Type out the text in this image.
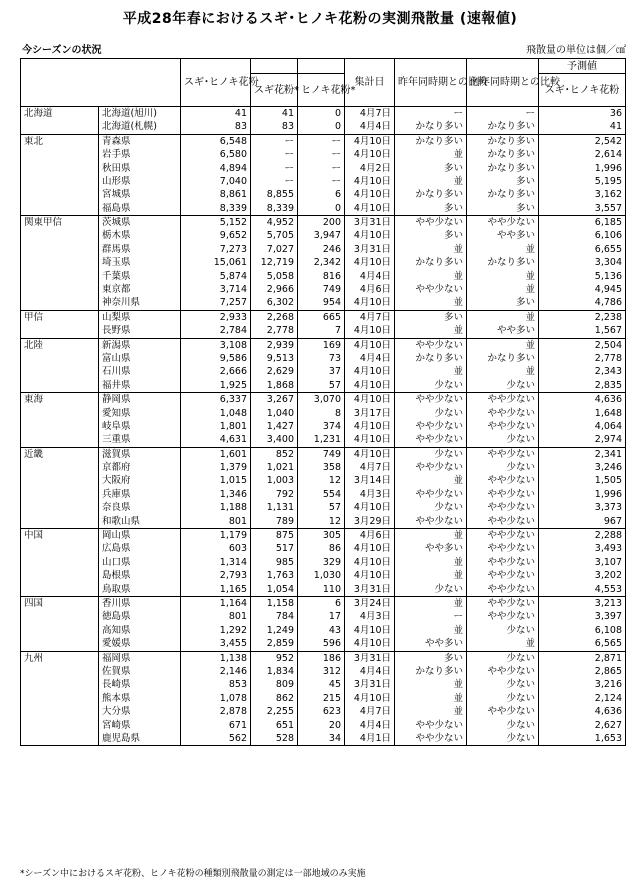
平成28年春におけるスギ･ヒノキ花粉の実測飛散量 (速報値)
今シーズンの状況	飛散量の単位は個／㎠
		スギ･ヒノキ花粉			集計日	昨年同時期との比較	例年同時期との比較	予測値
			スギ花粉*	ヒノキ花粉*				スギ･ヒノキ花粉
北海道	北海道(旭川)	41	41	0	4月7日	ー	ー	36
	北海道(札幌)	83	83	0	4月4日	かなり多い	かなり多い	41
東北	青森県	6,548	ー	ー	4月10日	かなり多い	かなり多い	2,542
	岩手県	6,580	ー	ー	4月10日	並	かなり多い	2,614
	秋田県	4,894	ー	ー	4月2日	多い	かなり多い	1,996
	山形県	7,040	ー	ー	4月10日	並	多い	5,195
	宮城県	8,861	8,855	6	4月10日	かなり多い	かなり多い	3,162
	福島県	8,339	8,339	0	4月10日	多い	多い	3,557
関東甲信	茨城県	5,152	4,952	200	3月31日	やや少ない	やや少ない	6,185
	栃木県	9,652	5,705	3,947	4月10日	多い	やや多い	6,106
	群馬県	7,273	7,027	246	3月31日	並	並	6,655
	埼玉県	15,061	12,719	2,342	4月10日	かなり多い	かなり多い	3,304
	千葉県	5,874	5,058	816	4月4日	並	並	5,136
	東京都	3,714	2,966	749	4月6日	やや少ない	並	4,945
	神奈川県	7,257	6,302	954	4月10日	並	多い	4,786
甲信	山梨県	2,933	2,268	665	4月7日	多い	並	2,238
	長野県	2,784	2,778	7	4月10日	並	やや多い	1,567
北陸	新潟県	3,108	2,939	169	4月10日	やや少ない	並	2,504
	富山県	9,586	9,513	73	4月4日	かなり多い	かなり多い	2,778
	石川県	2,666	2,629	37	4月10日	並	並	2,343
	福井県	1,925	1,868	57	4月10日	少ない	少ない	2,835
東海	静岡県	6,337	3,267	3,070	4月10日	やや少ない	やや少ない	4,636
	愛知県	1,048	1,040	8	3月17日	少ない	やや少ない	1,648
	岐阜県	1,801	1,427	374	4月10日	やや少ない	やや少ない	4,064
	三重県	4,631	3,400	1,231	4月10日	やや少ない	少ない	2,974
近畿	滋賀県	1,601	852	749	4月10日	少ない	やや少ない	2,341
	京都府	1,379	1,021	358	4月7日	やや少ない	少ない	3,246
	大阪府	1,015	1,003	12	3月14日	並	やや少ない	1,505
	兵庫県	1,346	792	554	4月3日	やや少ない	やや少ない	1,996
	奈良県	1,188	1,131	57	4月10日	少ない	やや少ない	3,373
	和歌山県	801	789	12	3月29日	やや少ない	やや少ない	967
中国	岡山県	1,179	875	305	4月6日	並	やや少ない	2,288
	広島県	603	517	86	4月10日	やや多い	やや少ない	3,493
	山口県	1,314	985	329	4月10日	並	やや少ない	3,107
	島根県	2,793	1,763	1,030	4月10日	並	やや少ない	3,202
	鳥取県	1,165	1,054	110	3月31日	少ない	やや少ない	4,553
四国	香川県	1,164	1,158	6	3月24日	並	やや少ない	3,213
	徳島県	801	784	17	4月3日	ー	やや少ない	3,397
	高知県	1,292	1,249	43	4月10日	並	少ない	6,108
	愛媛県	3,455	2,859	596	4月10日	やや多い	並	6,565
九州	福岡県	1,138	952	186	3月31日	多い	少ない	2,871
	佐賀県	2,146	1,834	312	4月4日	かなり多い	やや少ない	2,865
	長崎県	853	809	45	3月31日	並	少ない	3,216
	熊本県	1,078	862	215	4月10日	並	少ない	2,124
	大分県	2,878	2,255	623	4月7日	並	やや少ない	4,636
	宮崎県	671	651	20	4月4日	やや少ない	少ない	2,627
	鹿児島県	562	528	34	4月1日	やや少ない	少ない	1,653
*シーズン中におけるスギ花粉、ヒノキ花粉の種類別飛散量の測定は一部地域のみ実施
